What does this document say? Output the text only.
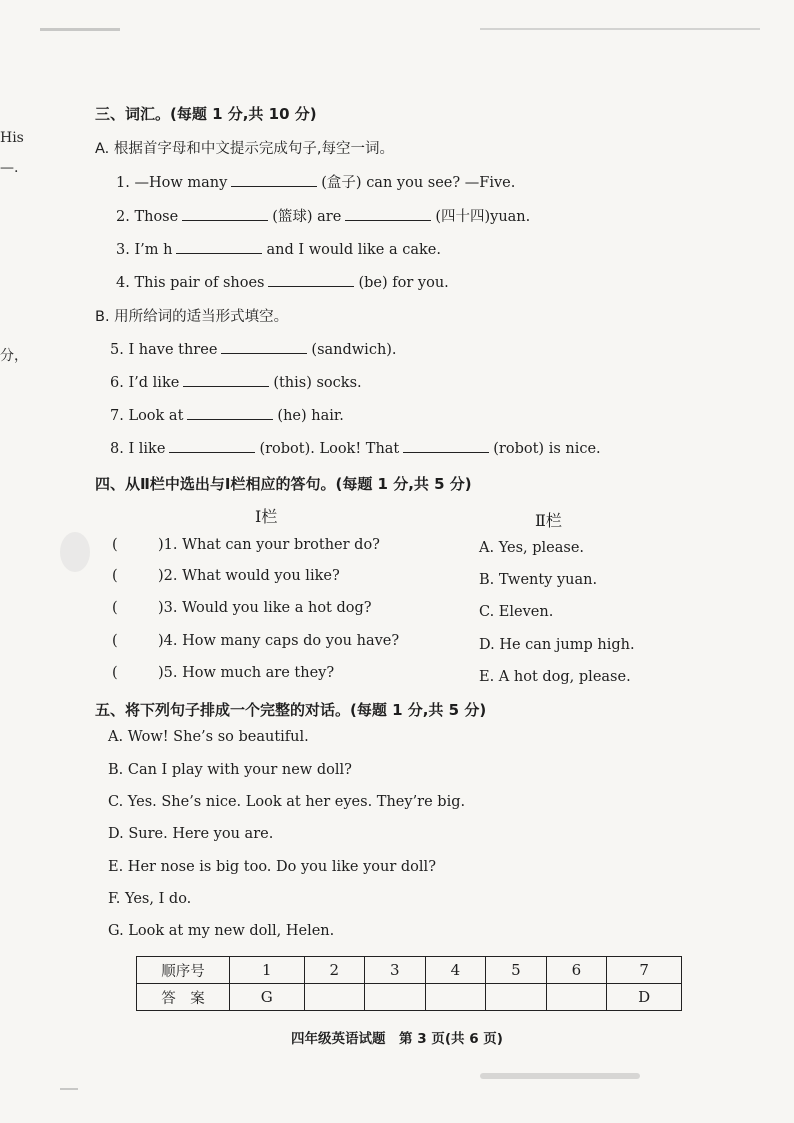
His
—.
分，
三、词汇。(每题 1 分,共 10 分)
A. 根据首字母和中文提示完成句子,每空一词。
1. —How many	(盒子) can you see? —Five.
2. Those	(篮球) are	(四十四)yuan.
3. I’m h	and I would like a cake.
4. This pair of shoes	(be) for you.
B. 用所给词的适当形式填空。
5. I have three	(sandwich).
6. I’d like	(this) socks.
7. Look at	(he) hair.
8. I like	(robot). Look! That	(robot) is nice.
四、从Ⅱ栏中选出与Ⅰ栏相应的答句。(每题 1 分,共 5 分)
Ⅰ栏	Ⅱ栏
(	)1. What can your brother do?
(	)2. What would you like?
(	)3. Would you like a hot dog?
(	)4. How many caps do you have?
(	)5. How much are they?
A. Yes, please.
B. Twenty yuan.
C. Eleven.
D. He can jump high.
E. A hot dog, please.
五、将下列句子排成一个完整的对话。(每题 1 分,共 5 分)
A. Wow! She’s so beautiful.
B. Can I play with your new doll?
C. Yes. She’s nice. Look at her eyes. They’re big.
D. Sure. Here you are.
E. Her nose is big too. Do you like your doll?
F. Yes, I do.
G. Look at my new doll, Helen.
顺序号	1	2	3	4	5	6	7
答　案	G						D
四年级英语试题　第 3 页(共 6 页)
